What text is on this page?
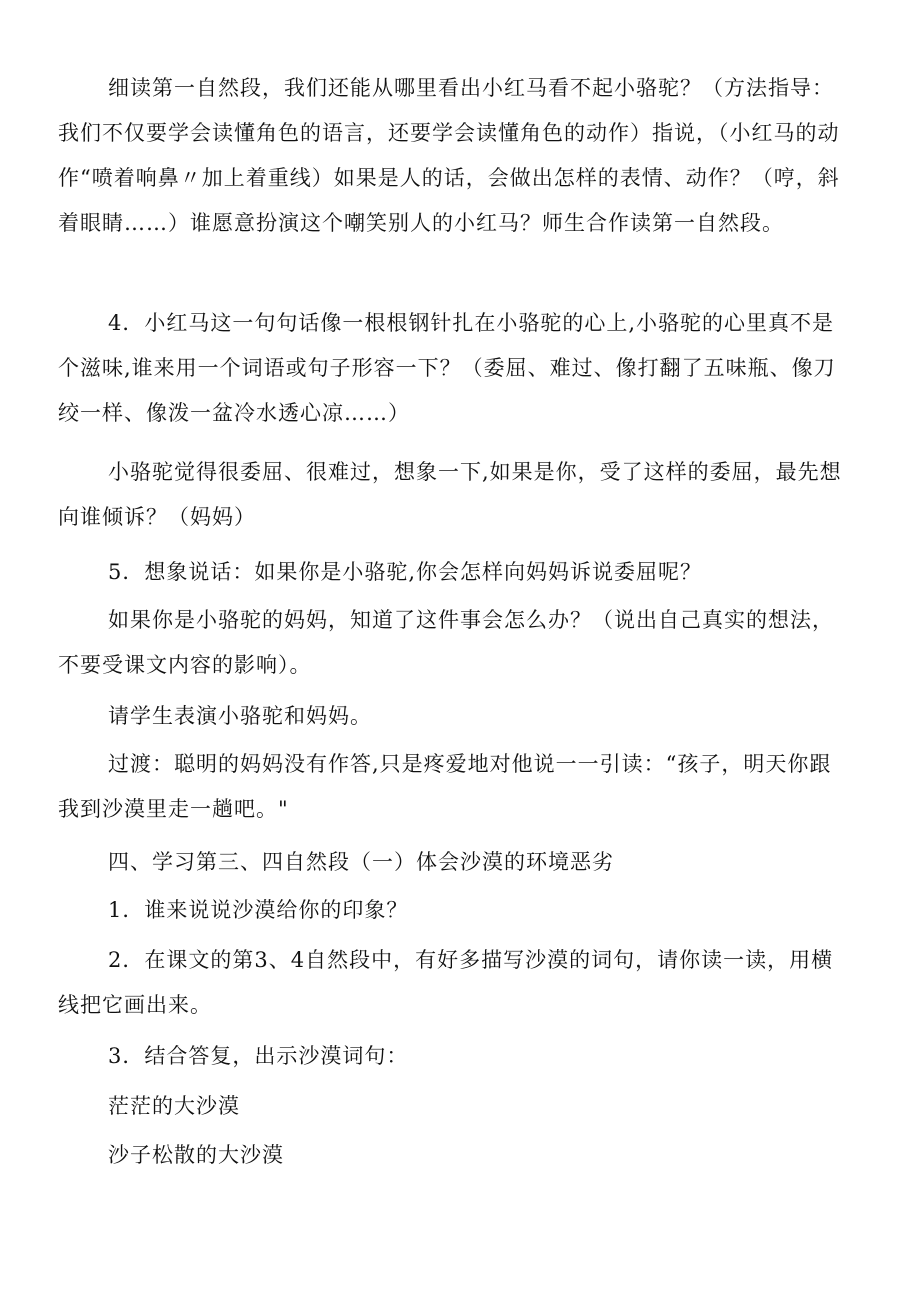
细读第一自然段，我们还能从哪里看出小红马看不起小骆驼？（方法指导：我们不仅要学会读懂角色的语言，还要学会读懂角色的动作）指说，（小红马的动作“喷着响鼻〃加上着重线）如果是人的话，会做出怎样的表情、动作？（哼，斜着眼睛……）谁愿意扮演这个嘲笑别人的小红马？师生合作读第一自然段。

4．小红马这一句句话像一根根钢针扎在小骆驼的心上,小骆驼的心里真不是个滋味,谁来用一个词语或句子形容一下？（委屈、难过、像打翻了五味瓶、像刀绞一样、像泼一盆冷水透心凉……）

小骆驼觉得很委屈、很难过，想象一下,如果是你，受了这样的委屈，最先想向谁倾诉？（妈妈）

5．想象说话：如果你是小骆驼,你会怎样向妈妈诉说委屈呢？

如果你是小骆驼的妈妈，知道了这件事会怎么办？（说出自己真实的想法，不要受课文内容的影响）。

请学生表演小骆驼和妈妈。

过渡：聪明的妈妈没有作答,只是疼爱地对他说一一引读：“孩子，明天你跟我到沙漠里走一趟吧。"

四、学习第三、四自然段（一）体会沙漠的环境恶劣

1．谁来说说沙漠给你的印象？

2．在课文的第3、4自然段中，有好多描写沙漠的词句，请你读一读，用横线把它画出来。

3．结合答复，出示沙漠词句：

茫茫的大沙漠

沙子松散的大沙漠
